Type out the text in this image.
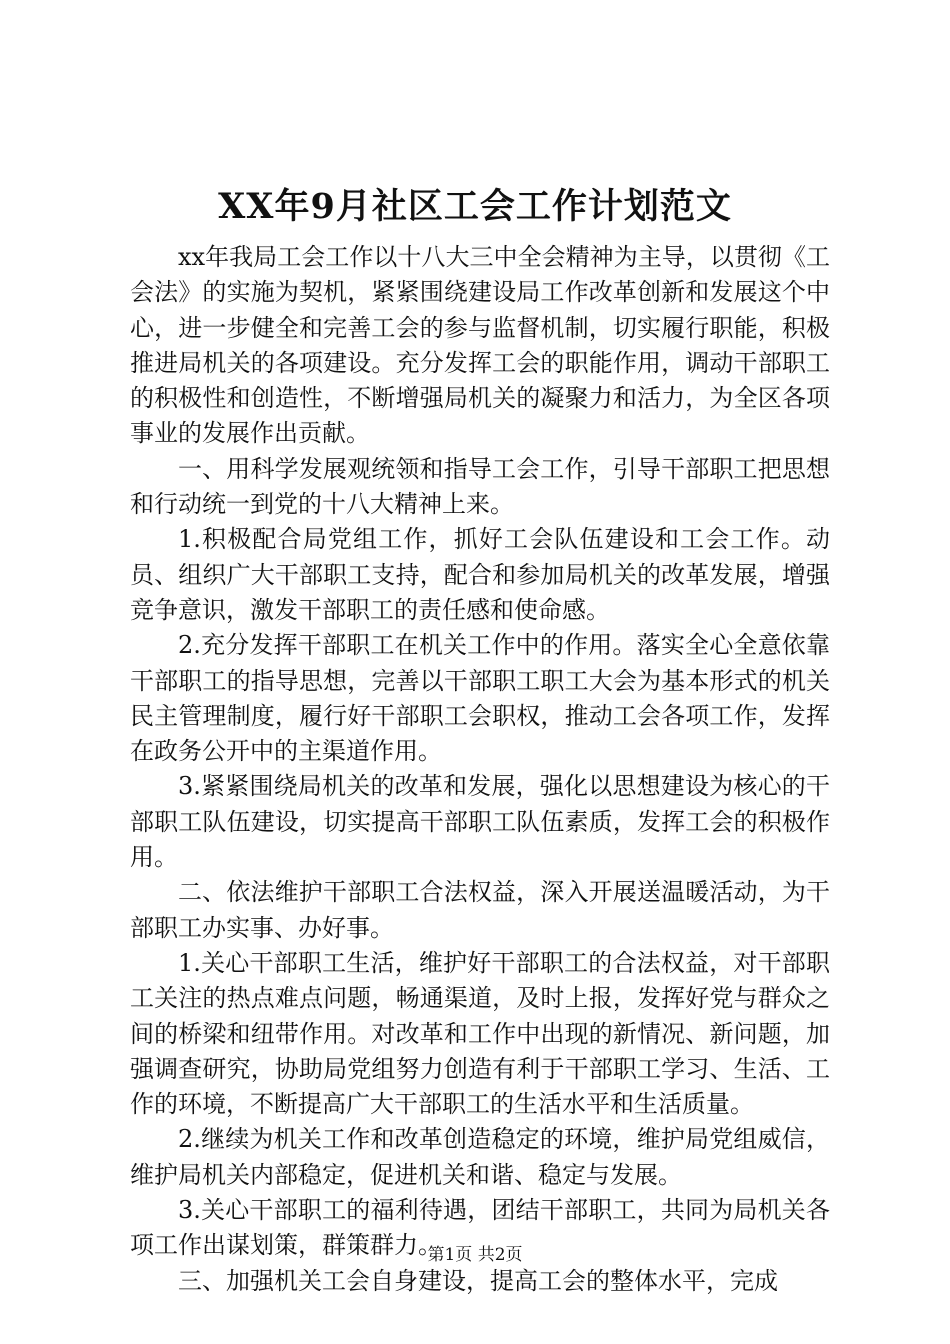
XX年9月社区工会工作计划范文

xx年我局工会工作以十八大三中全会精神为主导，以贯彻《工会法》的实施为契机，紧紧围绕建设局工作改革创新和发展这个中心，进一步健全和完善工会的参与监督机制，切实履行职能，积极推进局机关的各项建设。充分发挥工会的职能作用，调动干部职工的积极性和创造性，不断增强局机关的凝聚力和活力，为全区各项事业的发展作出贡献。

一、用科学发展观统领和指导工会工作，引导干部职工把思想和行动统一到党的十八大精神上来。

1.积极配合局党组工作，抓好工会队伍建设和工会工作。动员、组织广大干部职工支持，配合和参加局机关的改革发展，增强竞争意识，激发干部职工的责任感和使命感。

2.充分发挥干部职工在机关工作中的作用。落实全心全意依靠干部职工的指导思想，完善以干部职工职工大会为基本形式的机关民主管理制度，履行好干部职工会职权，推动工会各项工作，发挥在政务公开中的主渠道作用。

3.紧紧围绕局机关的改革和发展，强化以思想建设为核心的干部职工队伍建设，切实提高干部职工队伍素质，发挥工会的积极作用。

二、依法维护干部职工合法权益，深入开展送温暖活动，为干部职工办实事、办好事。

1.关心干部职工生活，维护好干部职工的合法权益，对干部职工关注的热点难点问题，畅通渠道，及时上报，发挥好党与群众之间的桥梁和纽带作用。对改革和工作中出现的新情况、新问题，加强调查研究，协助局党组努力创造有利于干部职工学习、生活、工作的环境，不断提高广大干部职工的生活水平和生活质量。

2.继续为机关工作和改革创造稳定的环境，维护局党组威信，维护局机关内部稳定，促进机关和谐、稳定与发展。

3.关心干部职工的福利待遇，团结干部职工，共同为局机关各项工作出谋划策，群策群力。

三、加强机关工会自身建设，提高工会的整体水平，完成

第1页 共2页
